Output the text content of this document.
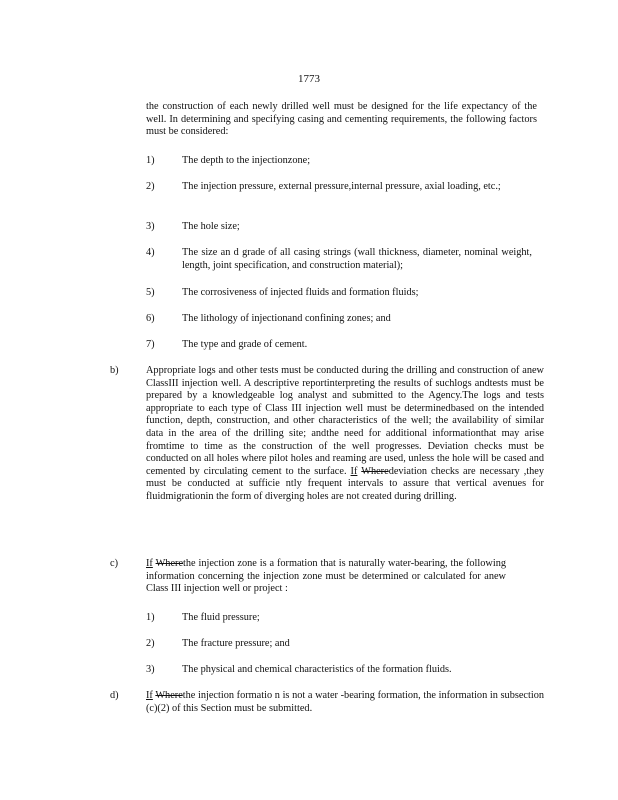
1773
the construction of each newly drilled well must be designed for the life expectancy of the well. In determining and specifying casing and cementing requirements, the following factors must be considered:
1)	The depth to the injectionzone;
2)	The injection pressure, external pressure,internal pressure, axial loading, etc.;
3)	The hole size;
4)	The size an d grade of all casing strings (wall thickness, diameter, nominal weight, length, joint specification, and construction material);
5)	The corrosiveness of injected fluids and formation fluids;
6)	The lithology of injectionand confining zones; and
7)	The type and grade of cement.
b)	Appropriate logs and other tests must be conducted during the drilling and construction of anew ClassIII injection well. A descriptive reportinterpreting the results of suchlogs andtests must be prepared by a knowledgeable log analyst and submitted to the Agency.The logs and tests appropriate to each type of Class III injection well must be determinedbased on the intended function, depth, construction, and other characteristics of the well; the availability of similar data in the area of the drilling site; andthe need for additional informationthat may arise fromtime to time as the construction of the well progresses. Deviation checks must be conducted on all holes where pilot holes and reaming are used, unless the hole will be cased and cemented by circulating cement to the surface. If Wheredeviation checks are necessary ,they must be conducted at sufficie ntly frequent intervals to assure that vertical avenues for fluidmigrationin the form of diverging holes are not created during drilling.
c)	If Wherethe injection zone is a formation that is naturally water-bearing, the following information concerning the injection zone must be determined or calculated for anew Class III injection well or project :
1)	The fluid pressure;
2)	The fracture pressure; and
3)	The physical and chemical characteristics of the formation fluids.
d)	If Wherethe injection formatio n is not a water -bearing formation, the information in subsection (c)(2) of this Section must be submitted.
